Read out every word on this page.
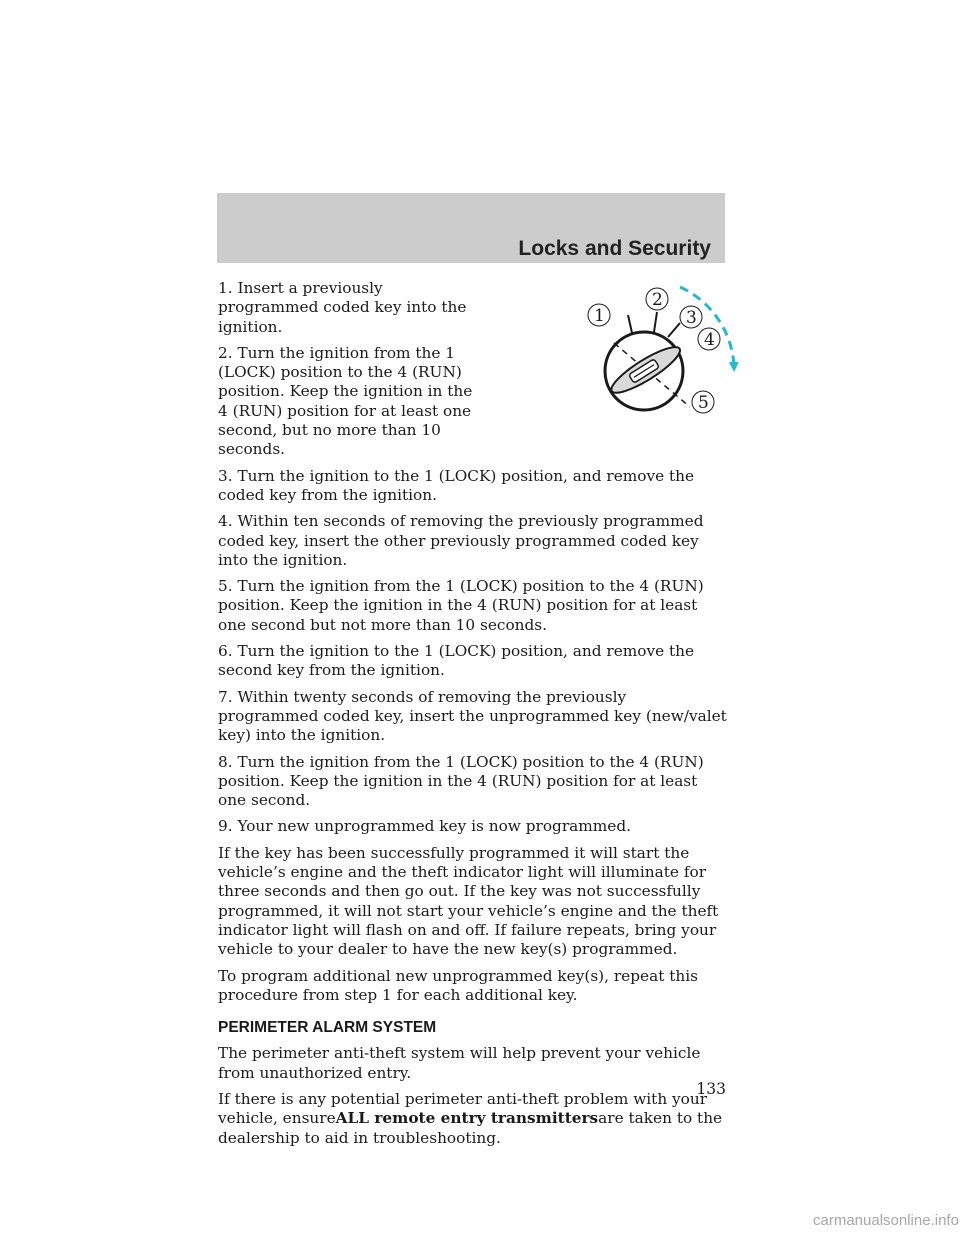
Locks and Security
1
2
3
4
5

1. Insert a previously programmed coded key into the ignition.

2. Turn the ignition from the 1 (LOCK) position to the 4 (RUN) position. Keep the ignition in the 4 (RUN) position for at least one second, but no more than 10 seconds.

3. Turn the ignition to the 1 (LOCK) position, and remove the coded key from the ignition.

4. Within ten seconds of removing the previously programmed coded key, insert the other previously programmed coded key into the ignition.

5. Turn the ignition from the 1 (LOCK) position to the 4 (RUN) position. Keep the ignition in the 4 (RUN) position for at least one second but not more than 10 seconds.

6. Turn the ignition to the 1 (LOCK) position, and remove the second key from the ignition.

7. Within twenty seconds of removing the previously programmed coded key, insert the unprogrammed key (new/valet key) into the ignition.

8. Turn the ignition from the 1 (LOCK) position to the 4 (RUN) position. Keep the ignition in the 4 (RUN) position for at least one second.

9. Your new unprogrammed key is now programmed.

If the key has been successfully programmed it will start the vehicle’s engine and the theft indicator light will illuminate for three seconds and then go out. If the key was not successfully programmed, it will not start your vehicle’s engine and the theft indicator light will flash on and off. If failure repeats, bring your vehicle to your dealer to have the new key(s) programmed.

To program additional new unprogrammed key(s), repeat this procedure from step 1 for each additional key.

PERIMETER ALARM SYSTEM

The perimeter anti-theft system will help prevent your vehicle from unauthorized entry.

If there is any potential perimeter anti-theft problem with your vehicle, ensureALL remote entry transmittersare taken to the dealership to aid in troubleshooting.

133
carmanualsonline.info
